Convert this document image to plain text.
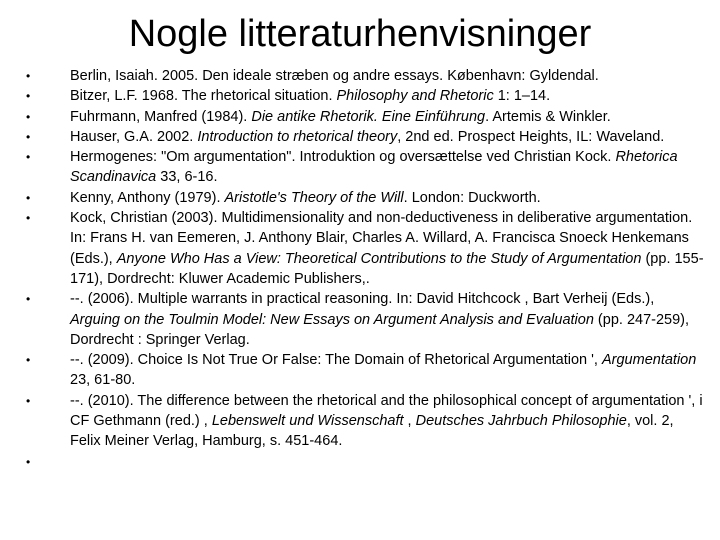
Nogle litteraturhenvisninger
•	Berlin, Isaiah. 2005. Den ideale stræben og andre essays. København: Gyldendal.
•	Bitzer, L.F. 1968. The rhetorical situation. Philosophy and Rhetoric 1: 1–14.
•	Fuhrmann, Manfred (1984). Die antike Rhetorik. Eine Einführung. Artemis & Winkler.
•	Hauser, G.A. 2002. Introduction to rhetorical theory, 2nd ed. Prospect Heights, IL: Waveland.
•	Hermogenes: "Om argumentation". Introduktion og oversættelse ved Christian Kock. Rhetorica Scandinavica 33, 6-16.
•	Kenny, Anthony (1979). Aristotle's Theory of the Will. London: Duckworth.
•	Kock, Christian (2003). Multidimensionality and non-deductiveness in deliberative argumentation. In: Frans H. van Eemeren, J. Anthony Blair, Charles A. Willard, A. Francisca Snoeck Henkemans (Eds.), Anyone Who Has a View: Theoretical Contributions to the Study of Argumentation (pp. 155-171), Dordrecht: Kluwer Academic Publishers,.
•	--. (2006). Multiple warrants in practical reasoning. In: David Hitchcock , Bart Verheij (Eds.), Arguing on the Toulmin Model: New Essays on Argument Analysis and Evaluation (pp. 247-259), Dordrecht : Springer Verlag.
•	--. (2009). Choice Is Not True Or False: The Domain of Rhetorical Argumentation ', Argumentation 23, 61-80.
•	--. (2010). The difference between the rhetorical and the philosophical concept of argumentation ', i CF Gethmann (red.) , Lebenswelt und Wissenschaft , Deutsches Jahrbuch Philosophie, vol. 2, Felix Meiner Verlag, Hamburg, s. 451-464.
•
